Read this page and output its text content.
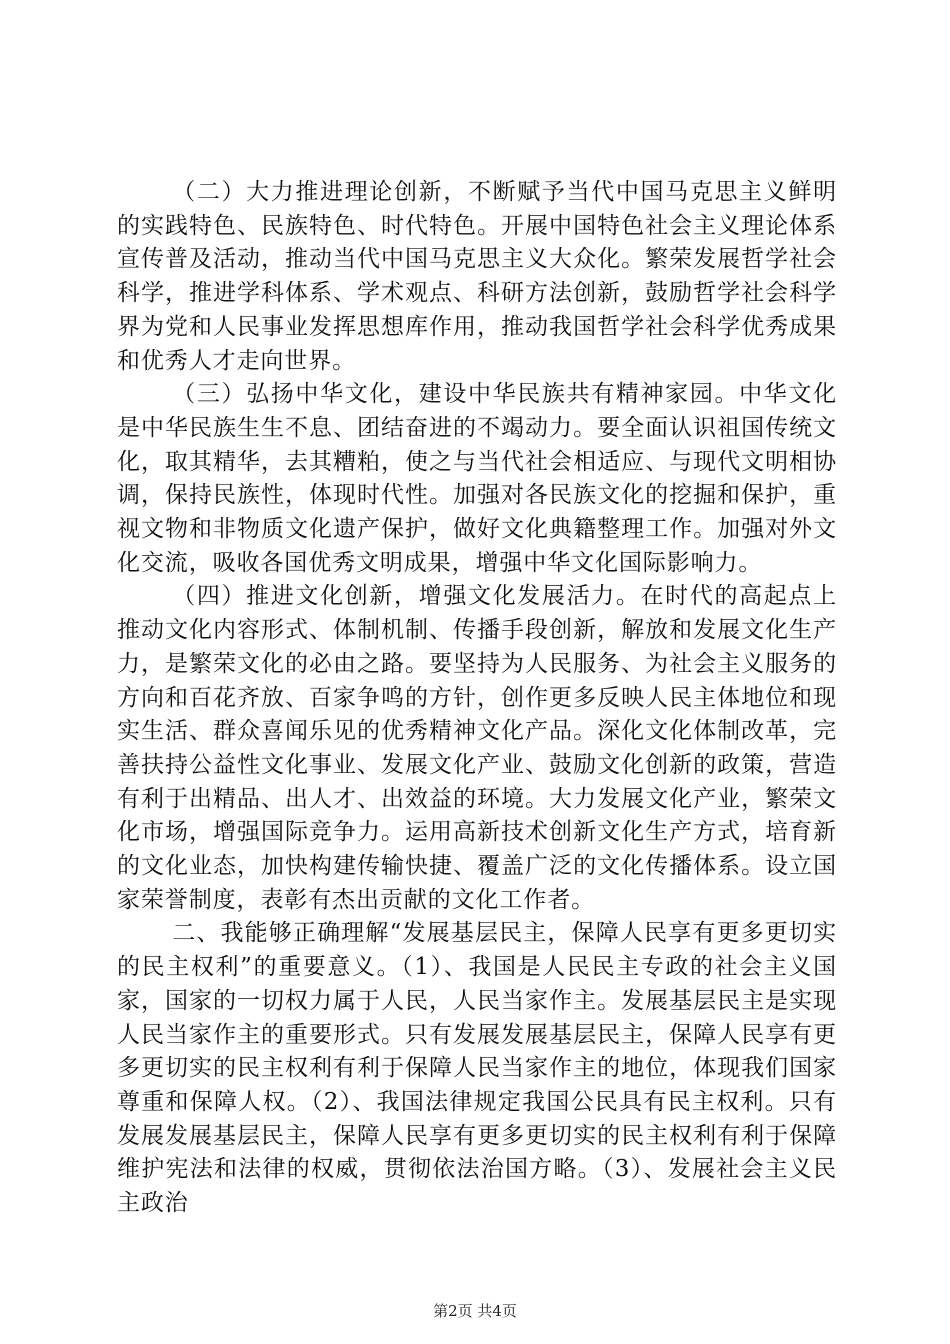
（二）大力推进理论创新，不断赋予当代中国马克思主义鲜明的实践特色、民族特色、时代特色。开展中国特色社会主义理论体系宣传普及活动，推动当代中国马克思主义大众化。繁荣发展哲学社会科学，推进学科体系、学术观点、科研方法创新，鼓励哲学社会科学界为党和人民事业发挥思想库作用，推动我国哲学社会科学优秀成果和优秀人才走向世界。

（三）弘扬中华文化，建设中华民族共有精神家园。中华文化是中华民族生生不息、团结奋进的不竭动力。要全面认识祖国传统文化，取其精华，去其糟粕，使之与当代社会相适应、与现代文明相协调，保持民族性，体现时代性。加强对各民族文化的挖掘和保护，重视文物和非物质文化遗产保护，做好文化典籍整理工作。加强对外文化交流，吸收各国优秀文明成果，增强中华文化国际影响力。

（四）推进文化创新，增强文化发展活力。在时代的高起点上推动文化内容形式、体制机制、传播手段创新，解放和发展文化生产力，是繁荣文化的必由之路。要坚持为人民服务、为社会主义服务的方向和百花齐放、百家争鸣的方针，创作更多反映人民主体地位和现实生活、群众喜闻乐见的优秀精神文化产品。深化文化体制改革，完善扶持公益性文化事业、发展文化产业、鼓励文化创新的政策，营造有利于出精品、出人才、出效益的环境。大力发展文化产业，繁荣文化市场，增强国际竞争力。运用高新技术创新文化生产方式，培育新的文化业态，加快构建传输快捷、覆盖广泛的文化传播体系。设立国家荣誉制度，表彰有杰出贡献的文化工作者。

二、我能够正确理解“发展基层民主，保障人民享有更多更切实的民主权利”的重要意义。（1）、我国是人民民主专政的社会主义国家，国家的一切权力属于人民，人民当家作主。发展基层民主是实现人民当家作主的重要形式。只有发展发展基层民主，保障人民享有更多更切实的民主权利有利于保障人民当家作主的地位，体现我们国家尊重和保障人权。（2）、我国法律规定我国公民具有民主权利。只有发展发展基层民主，保障人民享有更多更切实的民主权利有利于保障维护宪法和法律的权威，贯彻依法治国方略。（3）、发展社会主义民主政治

第2页 共4页
